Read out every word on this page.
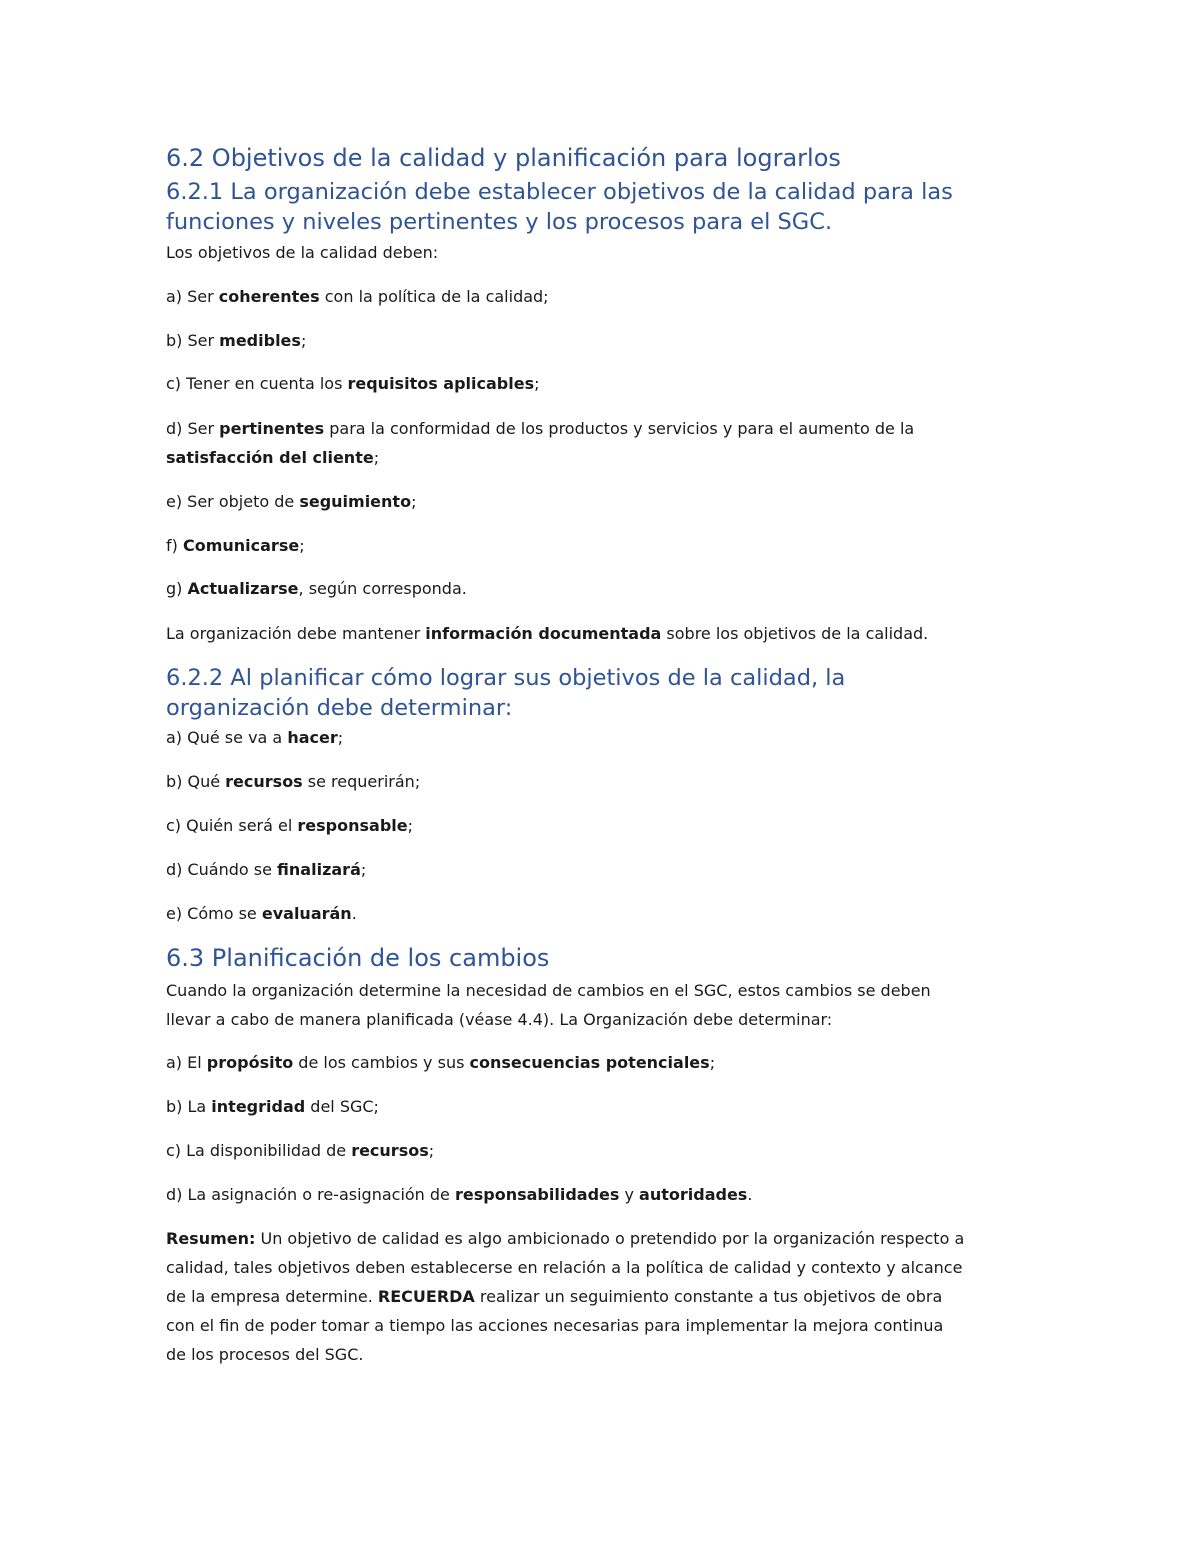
6.2 Objetivos de la calidad y planificación para lograrlos
6.2.1 La organización debe establecer objetivos de la calidad para las
funciones y niveles pertinentes y los procesos para el SGC.
Los objetivos de la calidad deben:
a) Ser coherentes con la política de la calidad;
b) Ser medibles;
c) Tener en cuenta los requisitos aplicables;
d) Ser pertinentes para la conformidad de los productos y servicios y para el aumento de la
satisfacción del cliente;
e) Ser objeto de seguimiento;
f) Comunicarse;
g) Actualizarse, según corresponda.
La organización debe mantener información documentada sobre los objetivos de la calidad.
6.2.2 Al planificar cómo lograr sus objetivos de la calidad, la
organización debe determinar:
a) Qué se va a hacer;
b) Qué recursos se requerirán;
c) Quién será el responsable;
d) Cuándo se finalizará;
e) Cómo se evaluarán.
6.3 Planificación de los cambios
Cuando la organización determine la necesidad de cambios en el SGC, estos cambios se deben
llevar a cabo de manera planificada (véase 4.4). La Organización debe determinar:
a) El propósito de los cambios y sus consecuencias potenciales;
b) La integridad del SGC;
c) La disponibilidad de recursos;
d) La asignación o re-asignación de responsabilidades y autoridades.
Resumen: Un objetivo de calidad es algo ambicionado o pretendido por la organización respecto a
calidad, tales objetivos deben establecerse en relación a la política de calidad y contexto y alcance
de la empresa determine. RECUERDA realizar un seguimiento constante a tus objetivos de obra
con el fin de poder tomar a tiempo las acciones necesarias para implementar la mejora continua
de los procesos del SGC.
